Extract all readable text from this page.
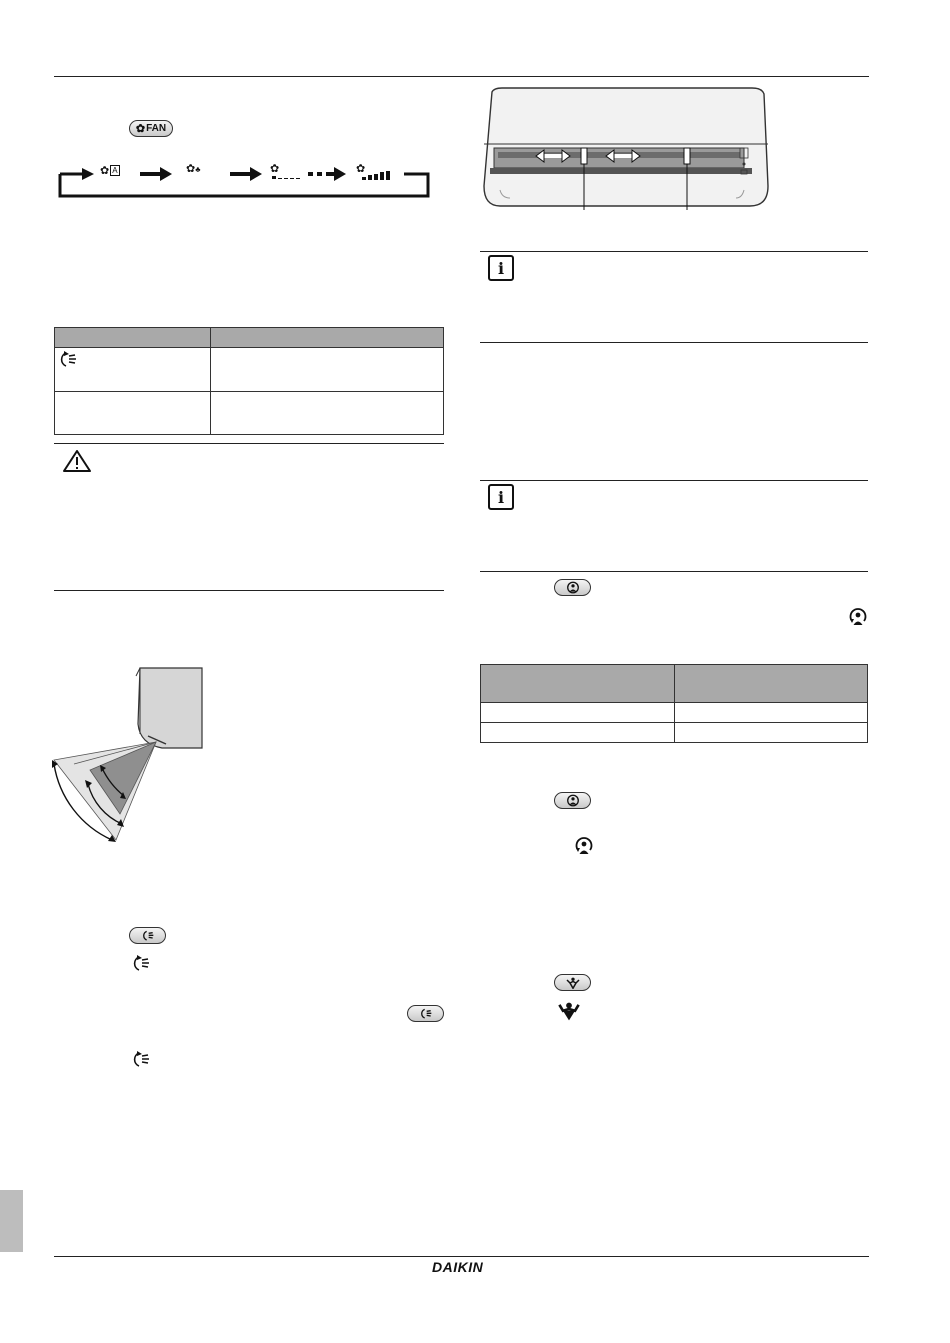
✿ FAN
✿ A	✿♣	✿	✿
i
i
DAIKIN
